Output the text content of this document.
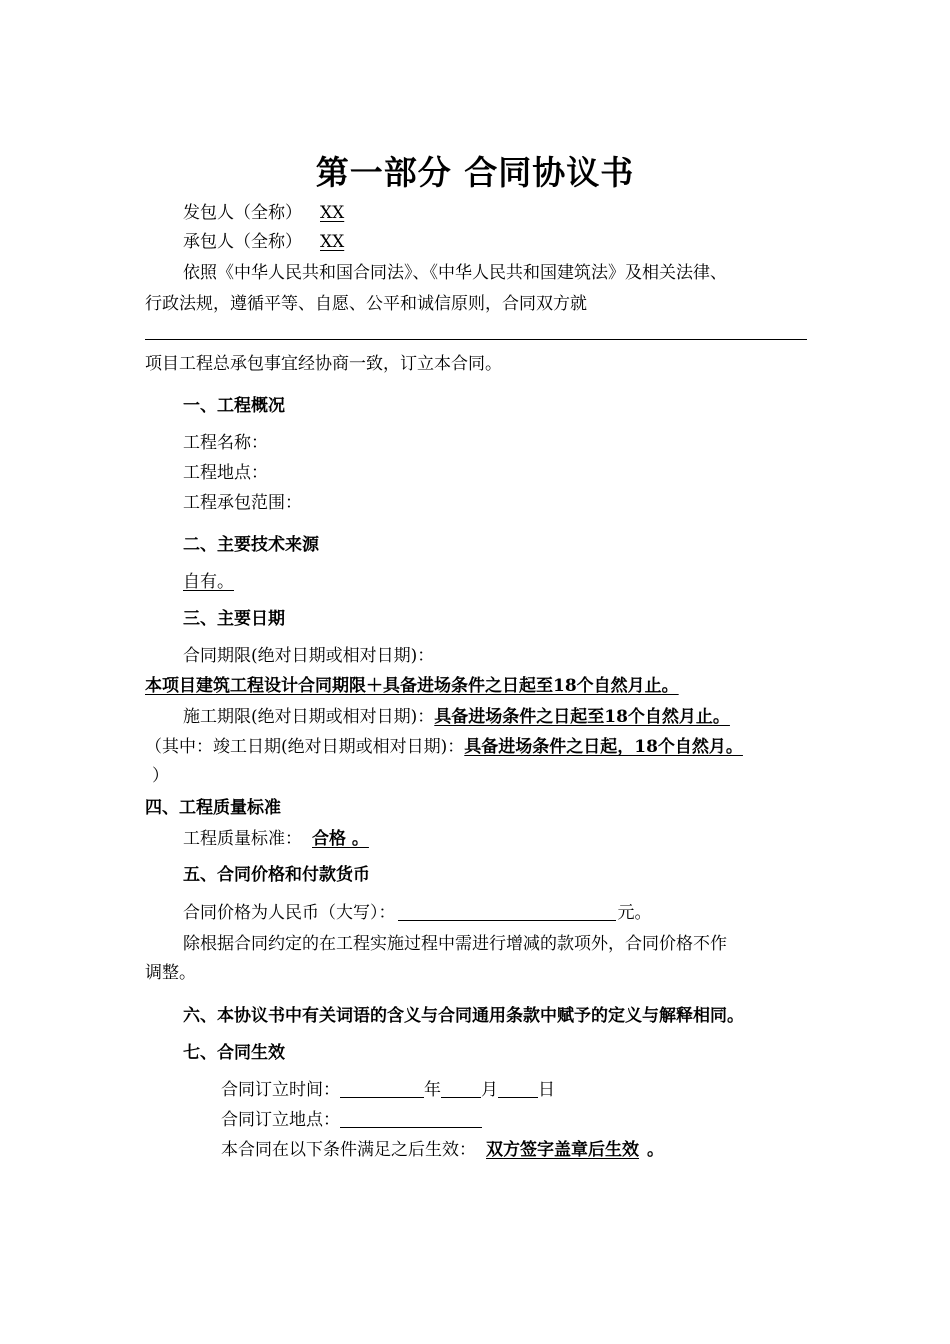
第一部分 合同协议书
发包人（全称） XX
承包人（全称） XX
依照《中华人民共和国合同法》、《中华人民共和国建筑法》及相关法律、
行政法规，遵循平等、自愿、公平和诚信原则，合同双方就
项目工程总承包事宜经协商一致，订立本合同。
一、工程概况
工程名称：
工程地点：
工程承包范围：
二、主要技术来源
自有。
三、主要日期
合同期限(绝对日期或相对日期)：
本项目建筑工程设计合同期限＋具备进场条件之日起至18个自然月止。
施工期限(绝对日期或相对日期)：具备进场条件之日起至18个自然月止。
（其中：竣工日期(绝对日期或相对日期)：具备进场条件之日起，18个自然月。
）
四、工程质量标准
工程质量标准： 合格 。
五、合同价格和付款货币
合同价格为人民币（大写）：	元。
除根据合同约定的在工程实施过程中需进行增减的款项外，合同价格不作
调整。
六、本协议书中有关词语的含义与合同通用条款中赋予的定义与解释相同。
七、合同生效
合同订立时间：	年 月 日
合同订立地点：
本合同在以下条件满足之后生效： 双方签字盖章后生效 。
